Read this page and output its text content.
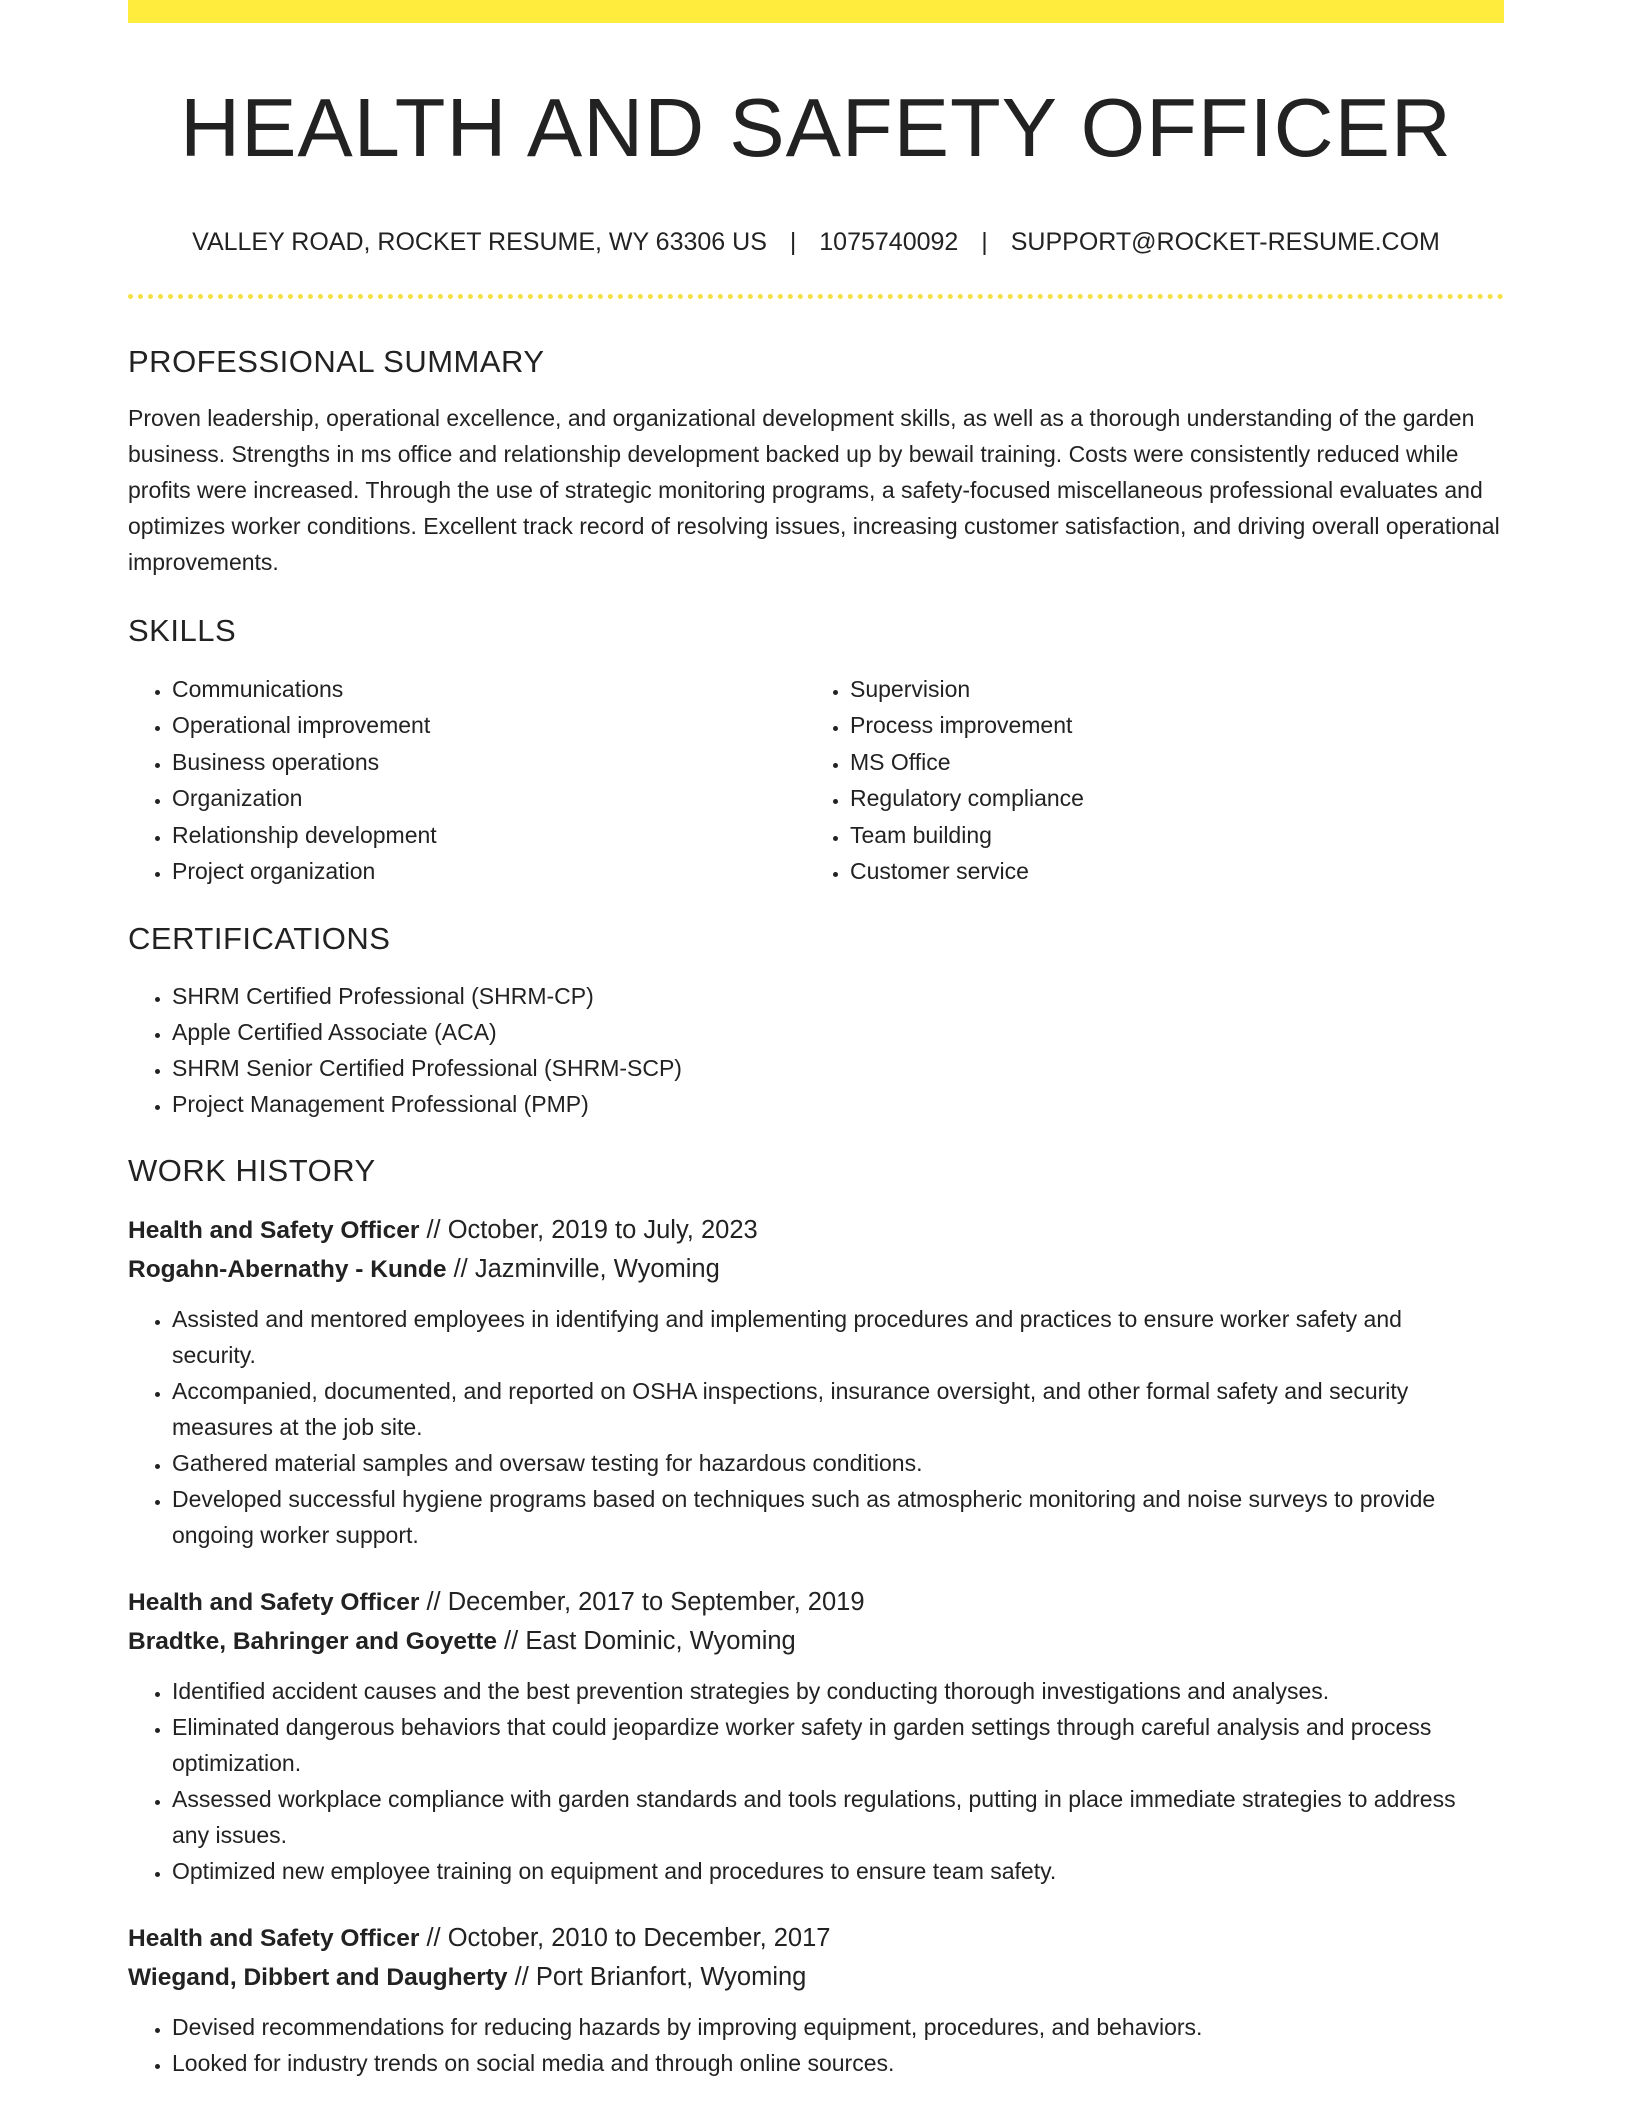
HEALTH AND SAFETY OFFICER
VALLEY ROAD, ROCKET RESUME, WY 63306 US | 1075740092 | SUPPORT@ROCKET-RESUME.COM
PROFESSIONAL SUMMARY

Proven leadership, operational excellence, and organizational development skills, as well as a thorough understanding of the garden business. Strengths in ms office and relationship development backed up by bewail training. Costs were consistently reduced while profits were increased. Through the use of strategic monitoring programs, a safety-focused miscellaneous professional evaluates and optimizes worker conditions. Excellent track record of resolving issues, increasing customer satisfaction, and driving overall operational improvements.

SKILLS
• Communications
• Operational improvement
• Business operations
• Organization
• Relationship development
• Project organization
• Supervision
• Process improvement
• MS Office
• Regulatory compliance
• Team building
• Customer service
CERTIFICATIONS
• SHRM Certified Professional (SHRM-CP)
• Apple Certified Associate (ACA)
• SHRM Senior Certified Professional (SHRM-SCP)
• Project Management Professional (PMP)
WORK HISTORY
Health and Safety Officer // October, 2019 to July, 2023
Rogahn-Abernathy - Kunde // Jazminville, Wyoming
• Assisted and mentored employees in identifying and implementing procedures and practices to ensure worker safety and security.
• Accompanied, documented, and reported on OSHA inspections, insurance oversight, and other formal safety and security measures at the job site.
• Gathered material samples and oversaw testing for hazardous conditions.
• Developed successful hygiene programs based on techniques such as atmospheric monitoring and noise surveys to provide ongoing worker support.
Health and Safety Officer // December, 2017 to September, 2019
Bradtke, Bahringer and Goyette // East Dominic, Wyoming
• Identified accident causes and the best prevention strategies by conducting thorough investigations and analyses.
• Eliminated dangerous behaviors that could jeopardize worker safety in garden settings through careful analysis and process optimization.
• Assessed workplace compliance with garden standards and tools regulations, putting in place immediate strategies to address any issues.
• Optimized new employee training on equipment and procedures to ensure team safety.
Health and Safety Officer // October, 2010 to December, 2017
Wiegand, Dibbert and Daugherty // Port Brianfort, Wyoming
• Devised recommendations for reducing hazards by improving equipment, procedures, and behaviors.
• Looked for industry trends on social media and through online sources.
